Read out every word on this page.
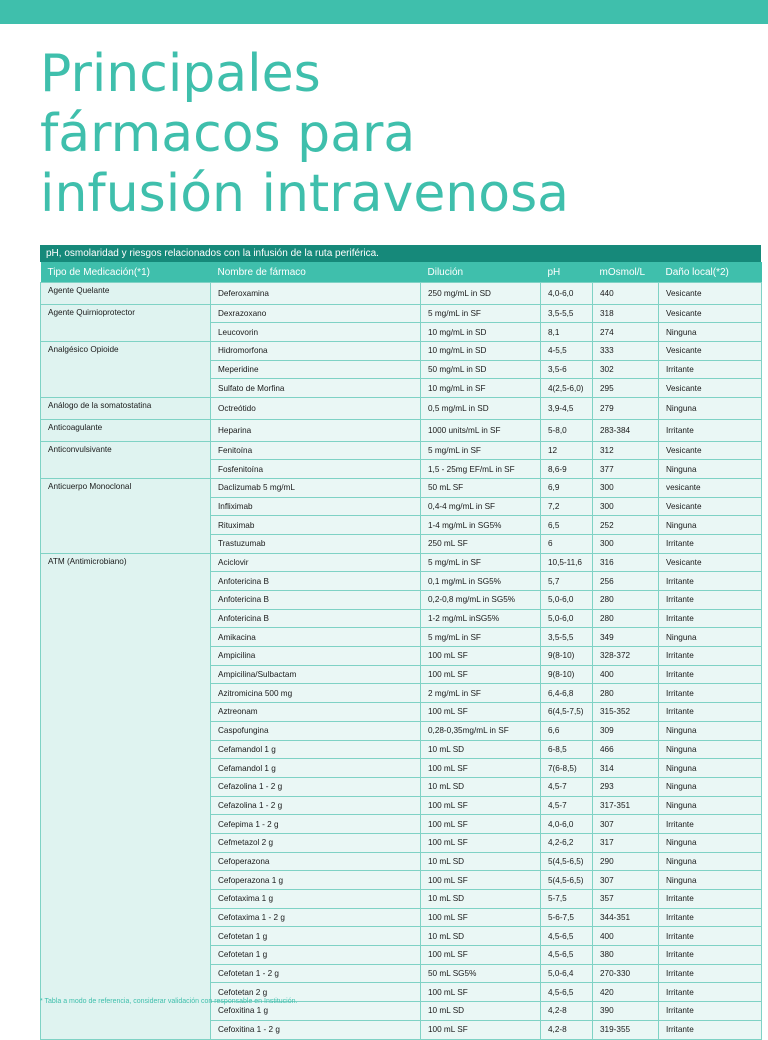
Principales
fármacos para
infusión intravenosa
pH, osmolaridad y riesgos relacionados con la infusión de la ruta periférica.
Tipo de Medicación(*1)	Nombre de fármaco	Dilución	pH	mOsmol/L	Daño local(*2)
Agente Quelante	Deferoxamina	250 mg/mL in SD	4,0-6,0	440	Vesicante
Agente Quirnioprotector	Dexrazoxano	5 mg/mL in SF	3,5-5,5	318	Vesicante
	Leucovorin	10 mg/mL in SD	8,1	274	Ninguna
Analgésico Opioide	Hidromorfona	10 mg/mL in SD	4-5,5	333	Vesicante
	Meperidine	50 mg/mL in SD	3,5-6	302	Irritante
	Sulfato de Morfina	10 mg/mL in SF	4(2,5-6,0)	295	Vesicante
Análogo de la somatostatina	Octreótido	0,5 mg/mL in SD	3,9-4,5	279	Ninguna
Anticoagulante	Heparina	1000 units/mL in SF	5-8,0	283-384	Irritante
Anticonvulsivante	Fenitoína	5 mg/mL in SF	12	312	Vesicante
	Fosfenitoína	1,5 - 25mg EF/mL in SF	8,6-9	377	Ninguna
Anticuerpo Monoclonal	Daclizumab 5 mg/mL	50 mL SF	6,9	300	vesicante
	Infliximab	0,4-4 mg/mL in SF	7,2	300	Vesicante
	Rituximab	1-4 mg/mL in SG5%	6,5	252	Ninguna
	Trastuzumab	250 mL SF	6	300	Irritante
ATM (Antimicrobiano)	Aciclovir	5 mg/mL in SF	10,5-11,6	316	Vesicante
	Anfotericina B	0,1 mg/mL in SG5%	5,7	256	Irritante
	Anfotericina B	0,2-0,8 mg/mL in SG5%	5,0-6,0	280	Irritante
	Anfotericina B	1-2 mg/mL inSG5%	5,0-6,0	280	Irritante
	Amikacina	5 mg/mL in SF	3,5-5,5	349	Ninguna
	Ampicilina	100 mL SF	9(8-10)	328-372	Irritante
	Ampicilina/Sulbactam	100 mL SF	9(8-10)	400	Irritante
	Azitromicina 500 mg	2 mg/mL in SF	6,4-6,8	280	Irritante
	Aztreonam	100 mL SF	6(4,5-7,5)	315-352	Irritante
	Caspofungina	0,28-0,35mg/mL in SF	6,6	309	Ninguna
	Cefamandol 1 g	10 mL SD	6-8,5	466	Ninguna
	Cefamandol 1 g	100 mL SF	7(6-8,5)	314	Ninguna
	Cefazolina 1 - 2 g	10 mL SD	4,5-7	293	Ninguna
	Cefazolina 1 - 2 g	100 mL SF	4,5-7	317-351	Ninguna
	Cefepima 1 - 2 g	100 mL SF	4,0-6,0	307	Irritante
	Cefmetazol 2 g	100 mL SF	4,2-6,2	317	Ninguna
	Cefoperazona	10 mL SD	5(4,5-6,5)	290	Ninguna
	Cefoperazona 1 g	100 mL SF	5(4,5-6,5)	307	Ninguna
	Cefotaxima 1 g	10 mL SD	5-7,5	357	Irritante
	Cefotaxima 1 - 2 g	100 mL SF	5-6-7,5	344-351	Irritante
	Cefotetan 1 g	10 mL SD	4,5-6,5	400	Irritante
	Cefotetan 1 g	100 mL SF	4,5-6,5	380	Irritante
	Cefotetan 1 - 2 g	50 mL SG5%	5,0-6,4	270-330	Irritante
	Cefotetan 2 g	100 mL SF	4,5-6,5	420	Irritante
	Cefoxitina 1 g	10 mL SD	4,2-8	390	Irritante
	Cefoxitina 1 - 2 g	100 mL SF	4,2-8	319-355	Irritante
* Tabla a modo de referencia, considerar validación con responsable en Institución.
